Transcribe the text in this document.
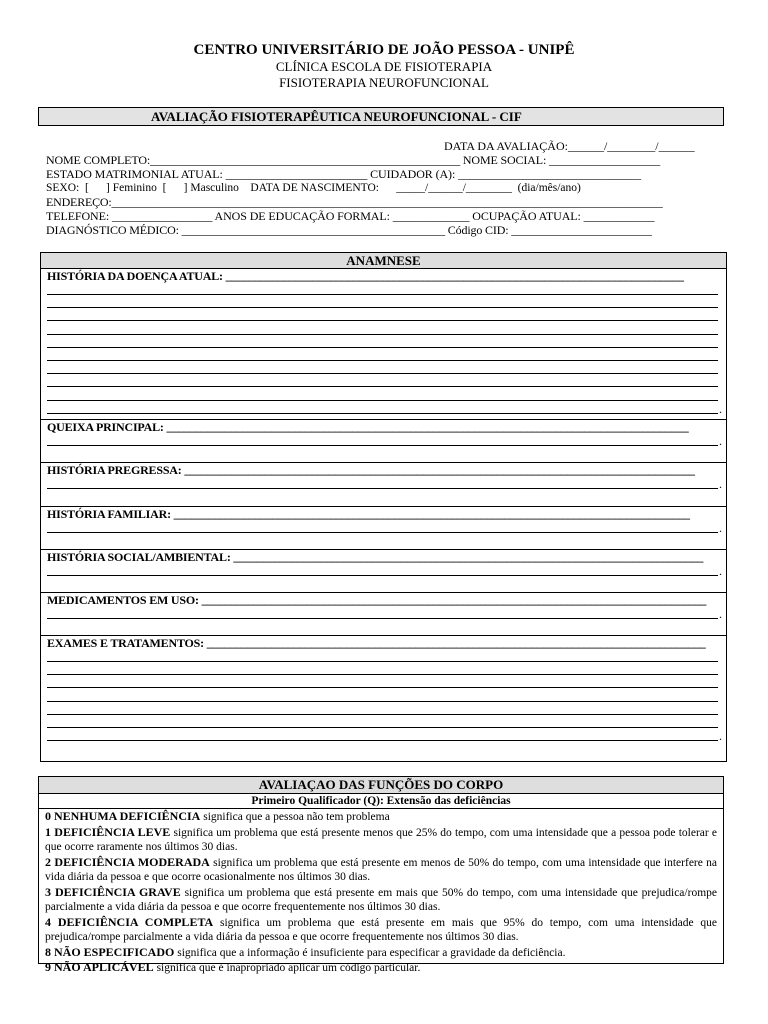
CENTRO UNIVERSITÁRIO DE JOÃO PESSOA - UNIPÊ
CLÍNICA ESCOLA DE FISIOTERAPIA
FISIOTERAPIA NEUROFUNCIONAL
AVALIAÇÃO FISIOTERAPÊUTICA NEUROFUNCIONAL - CIF
DATA DA AVALIAÇÃO:______/________/______
NOME COMPLETO:_____________________________________________________ NOME SOCIAL: ___________________
ESTADO MATRIMONIAL ATUAL: ________________________ CUIDADOR (A): _______________________________
SEXO:  [      ] Feminino  [      ] Masculino    DATA DE NASCIMENTO:      _____/______/________  (dia/mês/ano)
ENDEREÇO:_______________________________________________________________________________________________
TELEFONE: _________________ ANOS DE EDUCAÇÃO FORMAL: _____________ OCUPAÇÃO ATUAL: ____________
DIAGNÓSTICO MÉDICO: _____________________________________________ Código CID: ________________________
ANAMNESE
HISTÓRIA DA DOENÇA ATUAL: _______________________________________________________________________________
.
QUEIXA PRINCIPAL: __________________________________________________________________________________________
.
HISTÓRIA PREGRESSA: ________________________________________________________________________________________
.
HISTÓRIA FAMILIAR: _________________________________________________________________________________________
.
HISTÓRIA SOCIAL/AMBIENTAL: _________________________________________________________________________________
.
MEDICAMENTOS EM USO: _______________________________________________________________________________________
.
EXAMES E TRATAMENTOS: ______________________________________________________________________________________
.
AVALIAÇAO DAS FUNÇÕES DO CORPO
Primeiro Qualificador (Q): Extensão das deficiências

0 NENHUMA DEFICIÊNCIA significa que a pessoa não tem problema

1 DEFICIÊNCIA LEVE significa um problema que está presente menos que 25% do tempo, com uma intensidade que a pessoa pode tolerar e que ocorre raramente nos últimos 30 dias.

2 DEFICIÊNCIA MODERADA significa um problema que está presente em menos de 50% do tempo, com uma intensidade que interfere na vida diária da pessoa e que ocorre ocasionalmente nos últimos 30 dias.

3 DEFICIÊNCIA GRAVE significa um problema que está presente em mais que 50% do tempo, com uma intensidade que prejudica/rompe parcialmente a vida diária da pessoa e que ocorre frequentemente nos últimos 30 dias.

4 DEFICIÊNCIA COMPLETA significa um problema que está presente em mais que 95% do tempo, com uma intensidade que prejudica/rompe parcialmente a vida diária da pessoa e que ocorre frequentemente nos últimos 30 dias.

8 NÃO ESPECIFICADO significa que a informação é insuficiente para especificar a gravidade da deficiência.

9 NÃO APLICÁVEL significa que é inapropriado aplicar um código particular.
